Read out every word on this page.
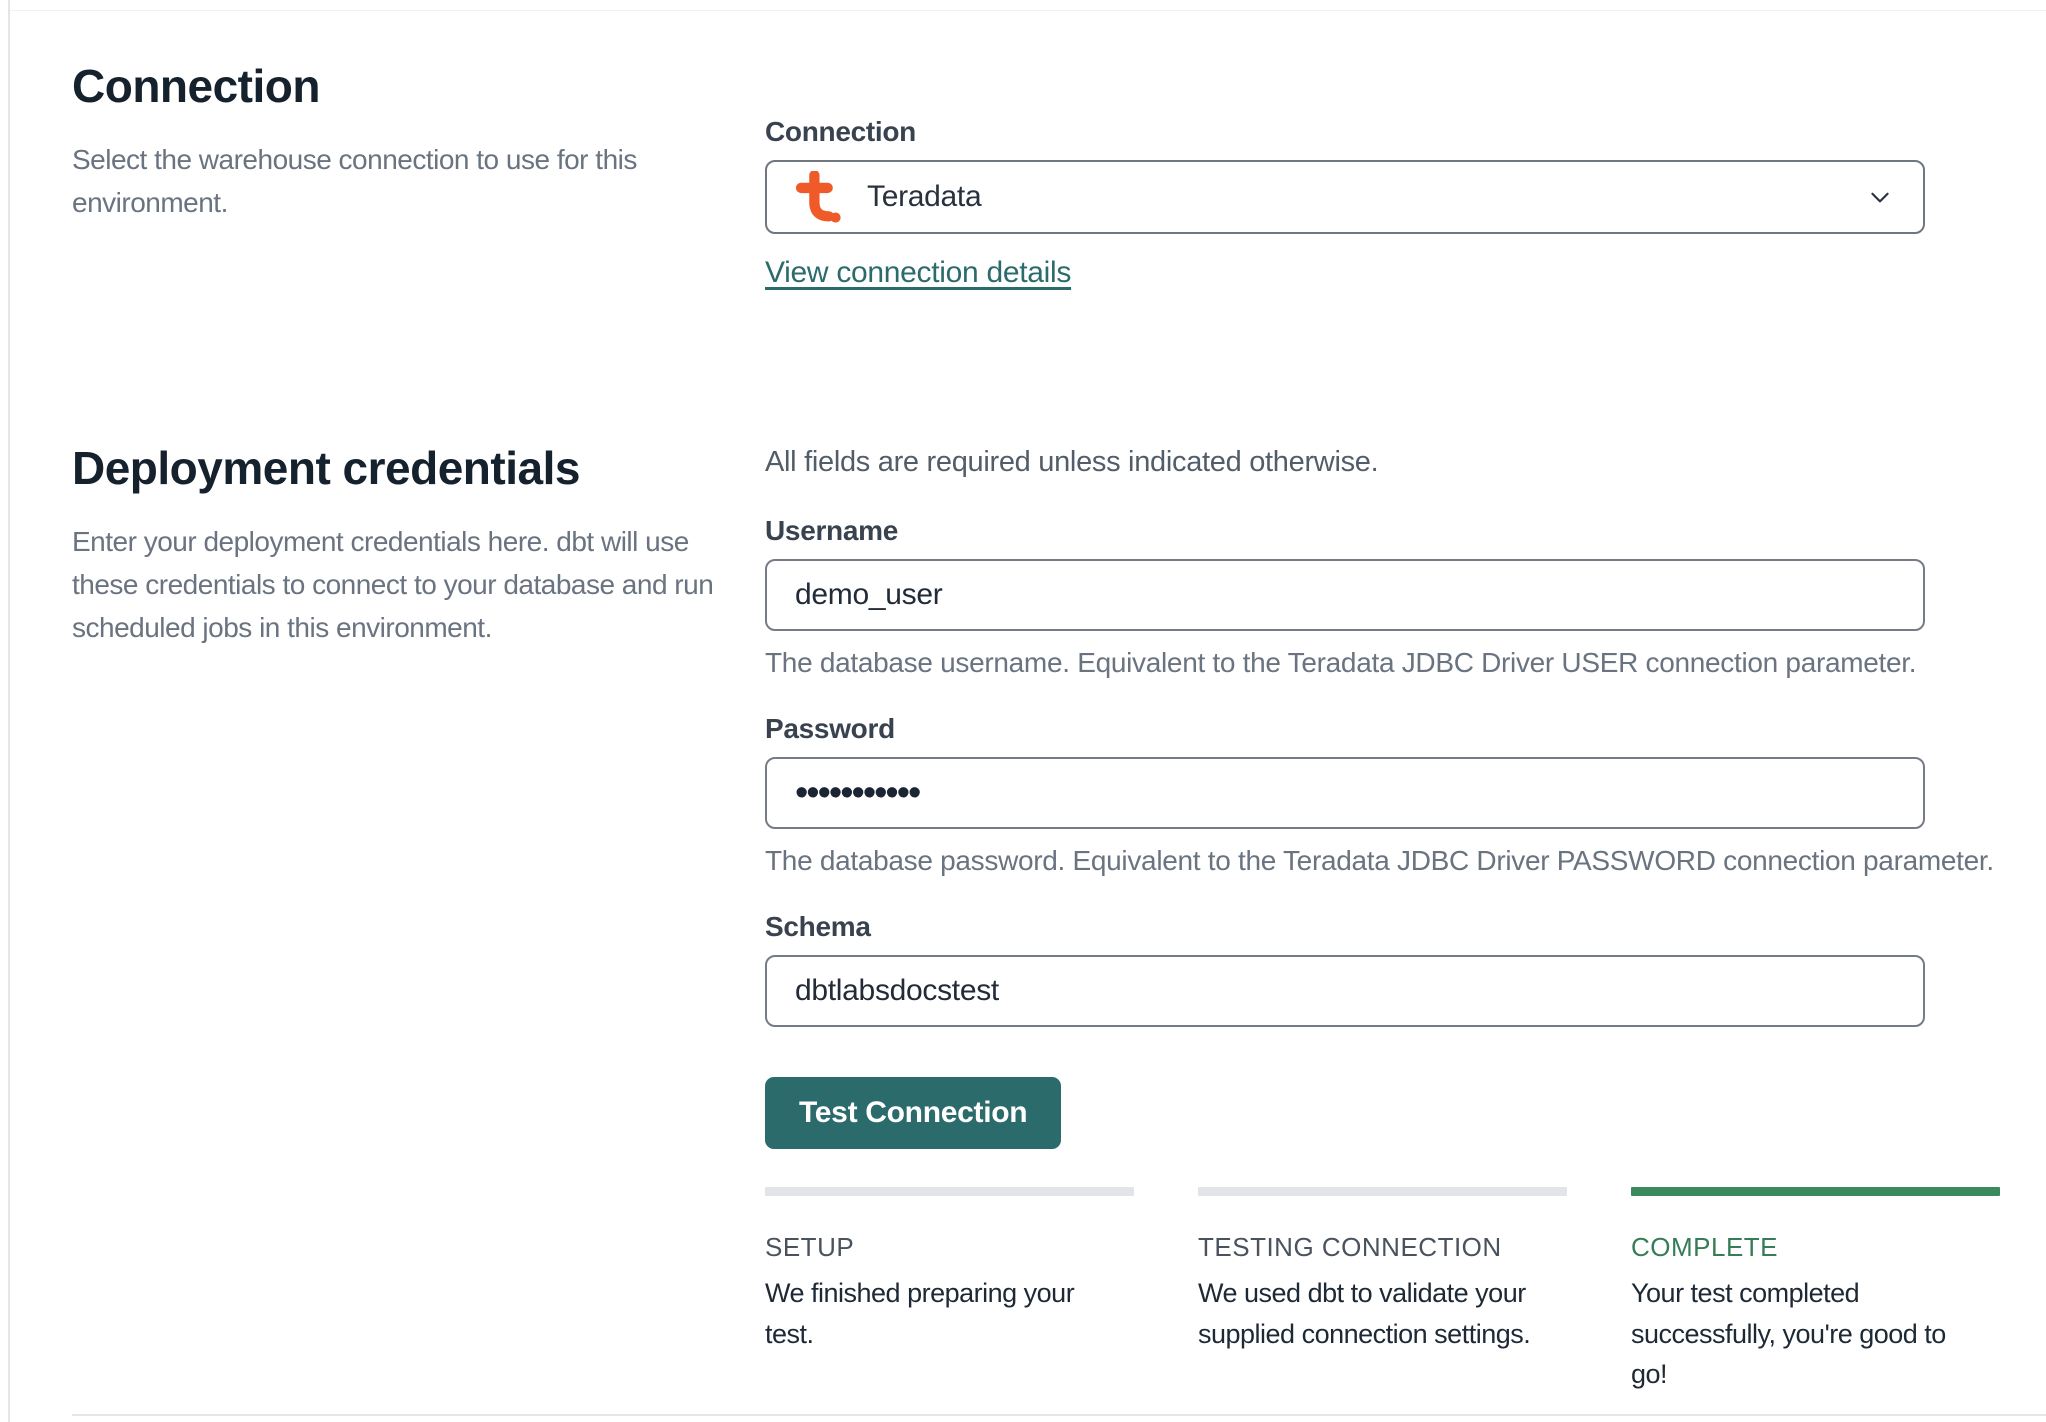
Connection

Select the warehouse connection to use for this environment.

Connection
Teradata
View connection details
Deployment credentials

Enter your deployment credentials here. dbt will use these credentials to connect to your database and run scheduled jobs in this environment.

All fields are required unless indicated otherwise.

Username
demo_user
The database username. Equivalent to the Teradata JDBC Driver USER connection parameter.
Password
•••••••••••
The database password. Equivalent to the Teradata JDBC Driver PASSWORD connection parameter.
Schema
dbtlabsdocstest
Test Connection
SETUP
We finished preparing your test.
TESTING CONNECTION
We used dbt to validate your supplied connection settings.
COMPLETE
Your test completed successfully, you're good to go!
